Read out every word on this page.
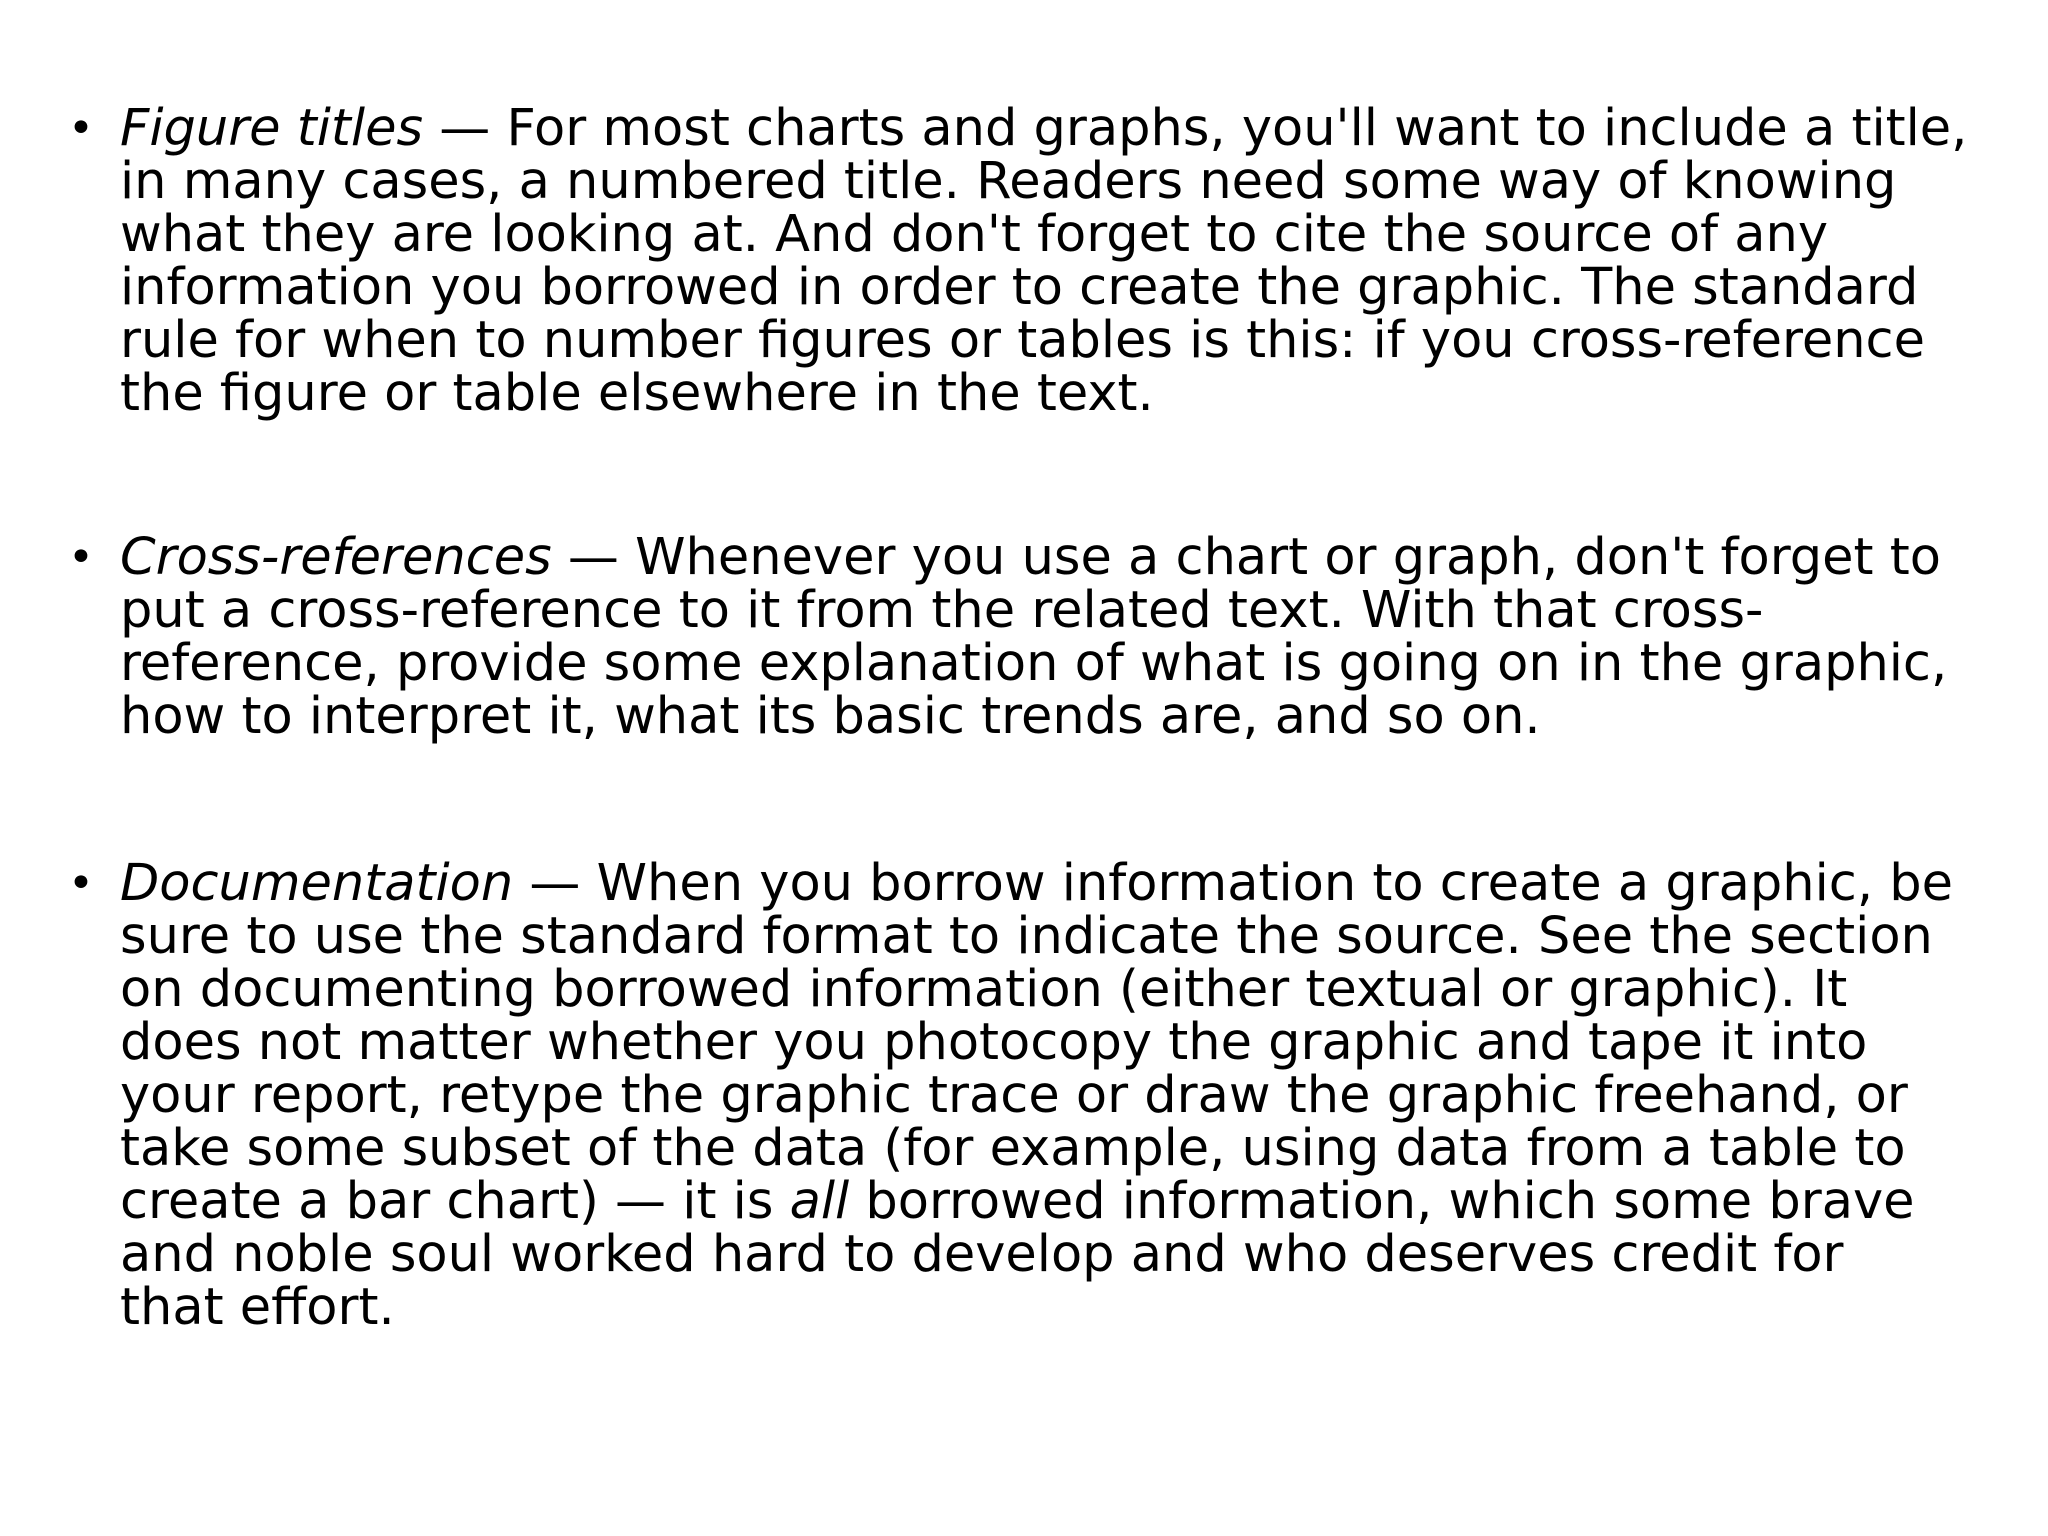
• Figure titles — For most charts and graphs, you'll want to include a title,
in many cases, a numbered title. Readers need some way of knowing
what they are looking at. And don't forget to cite the source of any
information you borrowed in order to create the graphic. The standard
rule for when to number figures or tables is this: if you cross-reference
the figure or table elsewhere in the text.
• Cross-references — Whenever you use a chart or graph, don't forget to
put a cross-reference to it from the related text. With that cross-
reference, provide some explanation of what is going on in the graphic,
how to interpret it, what its basic trends are, and so on.
• Documentation — When you borrow information to create a graphic, be
sure to use the standard format to indicate the source. See the section
on documenting borrowed information (either textual or graphic). It
does not matter whether you photocopy the graphic and tape it into
your report, retype the graphic trace or draw the graphic freehand, or
take some subset of the data (for example, using data from a table to
create a bar chart) — it is all borrowed information, which some brave
and noble soul worked hard to develop and who deserves credit for
that effort.
